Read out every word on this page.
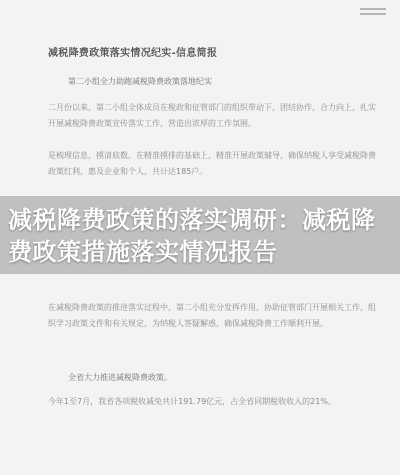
减税降费政策落实情况纪实-信息简报
第二小组全力助跑减税降费政策落地纪实
二月份以来，第二小组全体成员在税政和征管部门的组织带动下，团结协作，合力向上，扎实开展减税降费政策宣传落实工作，营造出浓厚的工作氛围。
是梳理信息，摸清底数。在精准摸排的基础上，精准开展政策辅导，确保纳税人享受减税降费政策红利，惠及企业和个人，共计达185户。
在减税降费政策的推进落实过程中，第二小组充分发挥作用，协助征管部门开展相关工作，组织学习政策文件和有关规定，为纳税人答疑解惑，确保减税降费工作顺利开展。
全省大力推进减税降费政策。
今年1至7月，我省各项税收减免共计191.79亿元，占全省同期税收收入的21%。
减税降费政策的落实调研：减税降费政策措施落实情况报告
